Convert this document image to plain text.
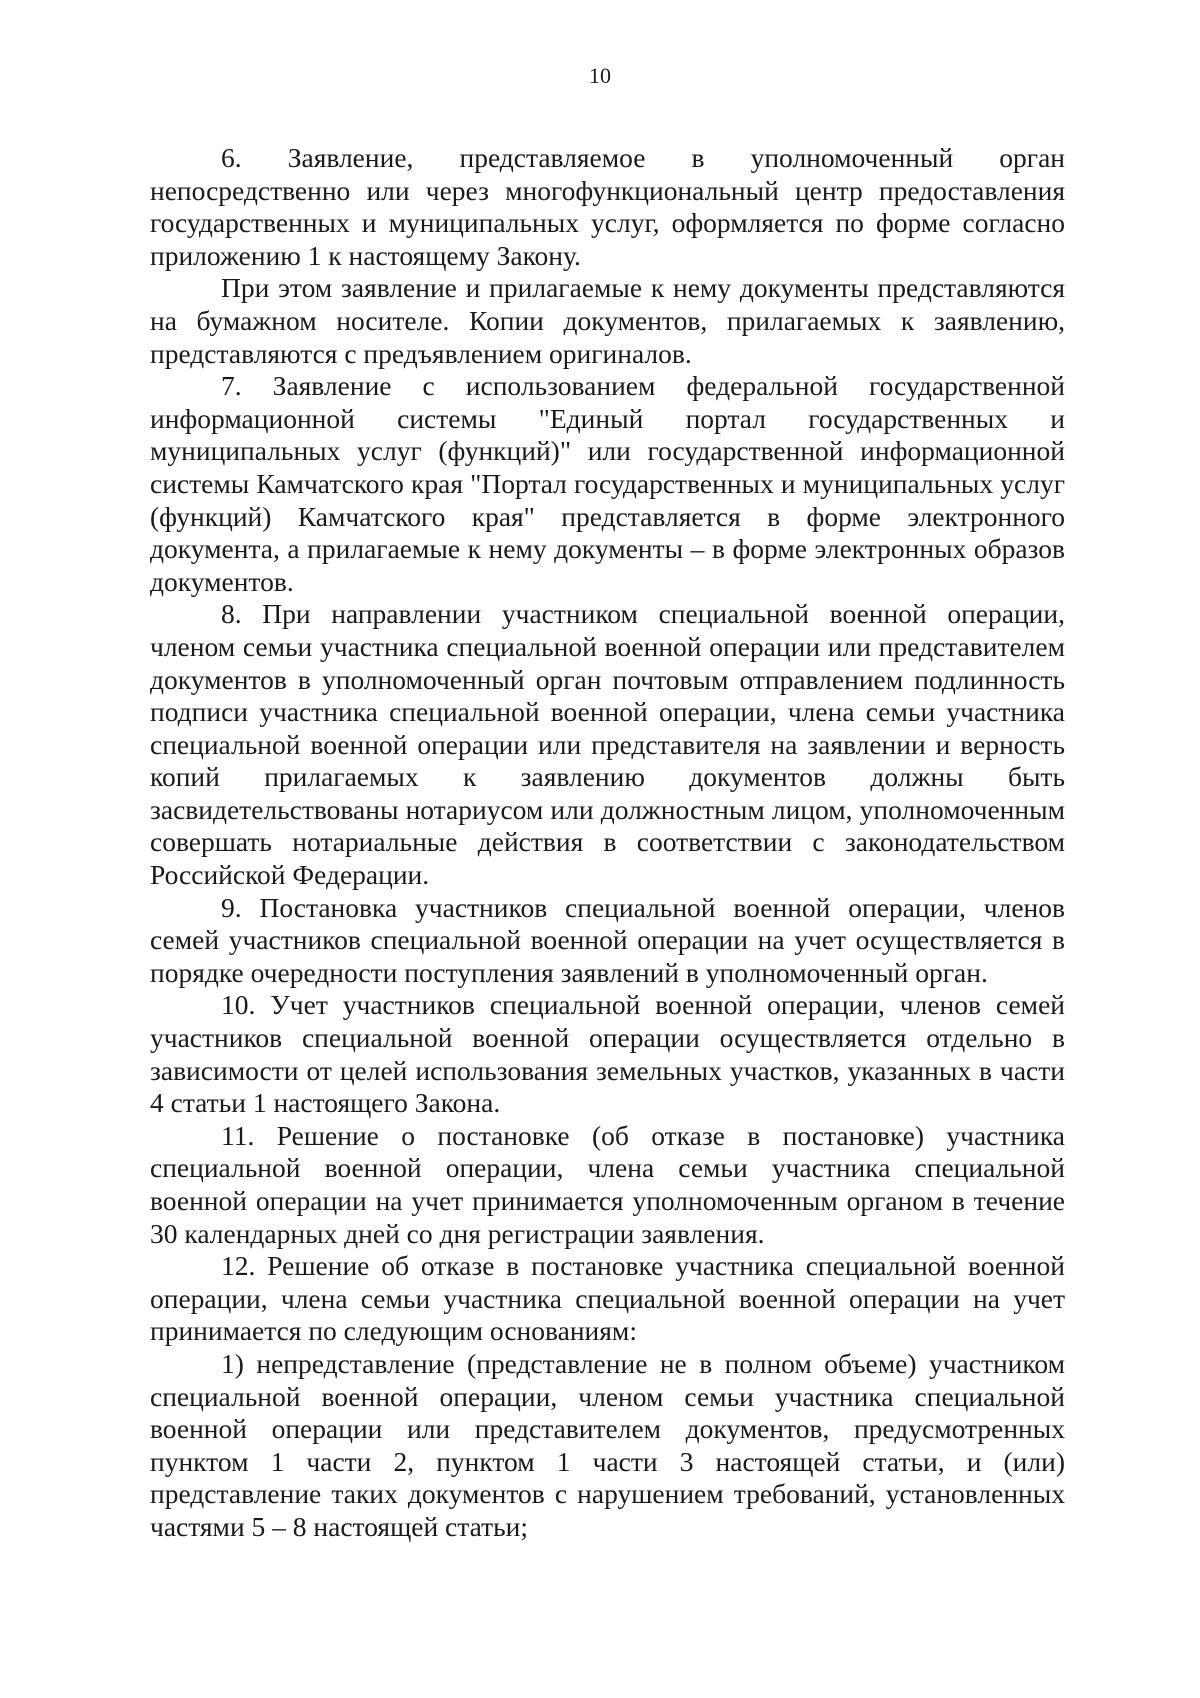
10

6. Заявление, представляемое в уполномоченный орган непосредственно или через многофункциональный центр предоставления государственных и муниципальных услуг, оформляется по форме согласно приложению 1 к настоящему Закону.

При этом заявление и прилагаемые к нему документы представляются на бумажном носителе. Копии документов, прилагаемых к заявлению, представляются с предъявлением оригиналов.

7. Заявление с использованием федеральной государственной информационной системы "Единый портал государственных и муниципальных услуг (функций)" или государственной информационной системы Камчатского края "Портал государственных и муниципальных услуг (функций) Камчатского края" представляется в форме электронного документа, а прилагаемые к нему документы – в форме электронных образов документов.

8. При направлении участником специальной военной операции, членом семьи участника специальной военной операции или представителем документов в уполномоченный орган почтовым отправлением подлинность подписи участника специальной военной операции, члена семьи участника специальной военной операции или представителя на заявлении и верность копий прилагаемых к заявлению документов должны быть засвидетельствованы нотариусом или должностным лицом, уполномоченным совершать нотариальные действия в соответствии с законодательством Российской Федерации.

9. Постановка участников специальной военной операции, членов семей участников специальной военной операции на учет осуществляется в порядке очередности поступления заявлений в уполномоченный орган.

10. Учет участников специальной военной операции, членов семей участников специальной военной операции осуществляется отдельно в зависимости от целей использования земельных участков, указанных в части 4 статьи 1 настоящего Закона.

11. Решение о постановке (об отказе в постановке) участника специальной военной операции, члена семьи участника специальной военной операции на учет принимается уполномоченным органом в течение 30 календарных дней со дня регистрации заявления.

12. Решение об отказе в постановке участника специальной военной операции, члена семьи участника специальной военной операции на учет принимается по следующим основаниям:

1) непредставление (представление не в полном объеме) участником специальной военной операции, членом семьи участника специальной военной операции или представителем документов, предусмотренных пунктом 1 части 2, пунктом 1 части 3 настоящей статьи, и (или) представление таких документов с нарушением требований, установленных частями 5 – 8 настоящей статьи;
